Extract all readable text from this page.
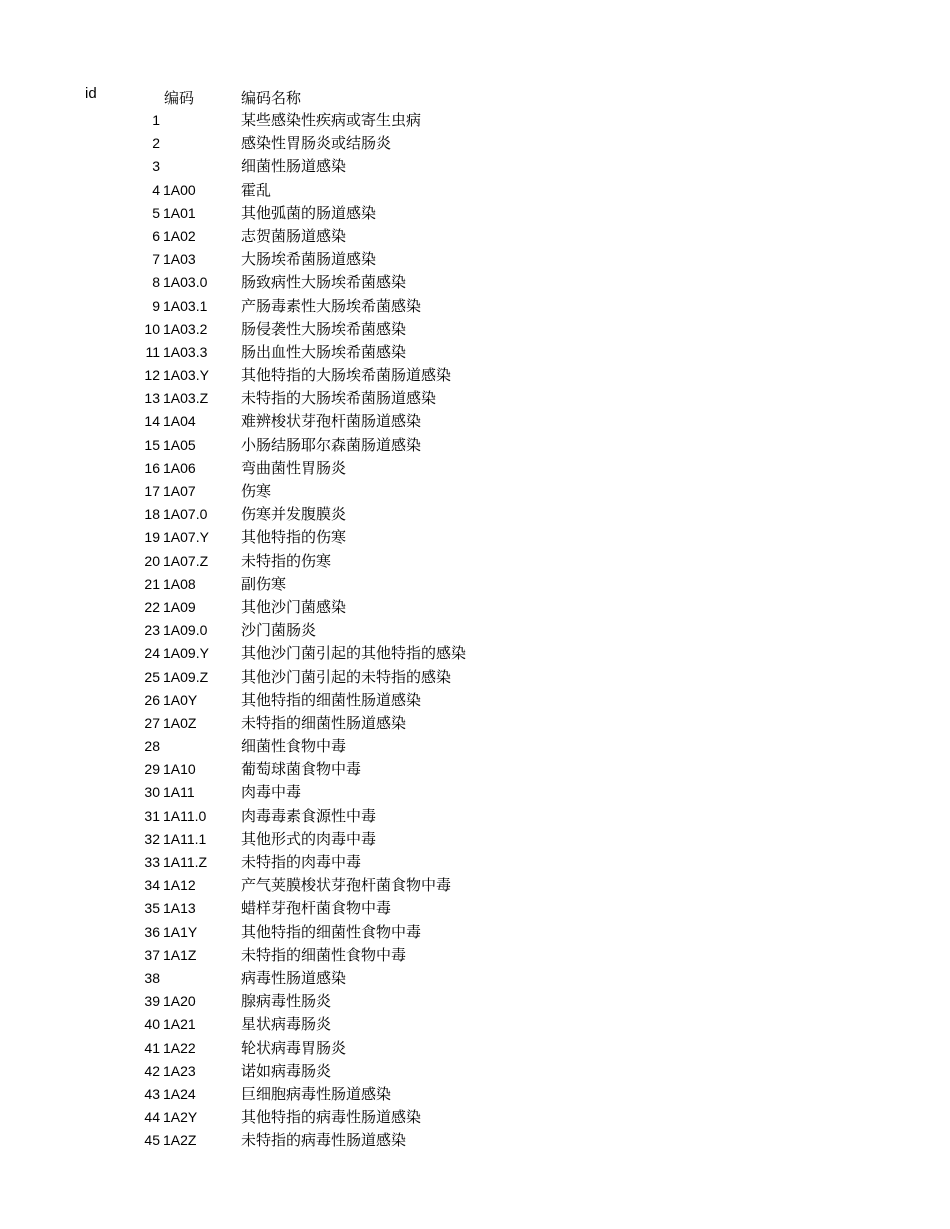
id	编码	编码名称
1	某些感染性疾病或寄生虫病
2	感染性胃肠炎或结肠炎
3	细菌性肠道感染
4 1A00	霍乱
5 1A01	其他弧菌的肠道感染
6 1A02	志贺菌肠道感染
7 1A03	大肠埃希菌肠道感染
8 1A03.0 肠致病性大肠埃希菌感染
9 1A03.1 产肠毒素性大肠埃希菌感染
10 1A03.2 肠侵袭性大肠埃希菌感染
11 1A03.3 肠出血性大肠埃希菌感染
12 1A03.Y 其他特指的大肠埃希菌肠道感染
13 1A03.Z 未特指的大肠埃希菌肠道感染
14 1A04	难辨梭状芽孢杆菌肠道感染
15 1A05	小肠结肠耶尔森菌肠道感染
16 1A06	弯曲菌性胃肠炎
17 1A07	伤寒
18 1A07.0 伤寒并发腹膜炎
19 1A07.Y 其他特指的伤寒
20 1A07.Z 未特指的伤寒
21 1A08	副伤寒
22 1A09	其他沙门菌感染
23 1A09.0 沙门菌肠炎
24 1A09.Y 其他沙门菌引起的其他特指的感染
25 1A09.Z 其他沙门菌引起的未特指的感染
26 1A0Y	其他特指的细菌性肠道感染
27 1A0Z	未特指的细菌性肠道感染
28	细菌性食物中毒
29 1A10	葡萄球菌食物中毒
30 1A11	肉毒中毒
31 1A11.0 肉毒毒素食源性中毒
32 1A11.1 其他形式的肉毒中毒
33 1A11.Z 未特指的肉毒中毒
34 1A12	产气荚膜梭状芽孢杆菌食物中毒
35 1A13	蜡样芽孢杆菌食物中毒
36 1A1Y	其他特指的细菌性食物中毒
37 1A1Z	未特指的细菌性食物中毒
38	病毒性肠道感染
39 1A20	腺病毒性肠炎
40 1A21	星状病毒肠炎
41 1A22	轮状病毒胃肠炎
42 1A23	诺如病毒肠炎
43 1A24	巨细胞病毒性肠道感染
44 1A2Y	其他特指的病毒性肠道感染
45 1A2Z	未特指的病毒性肠道感染
